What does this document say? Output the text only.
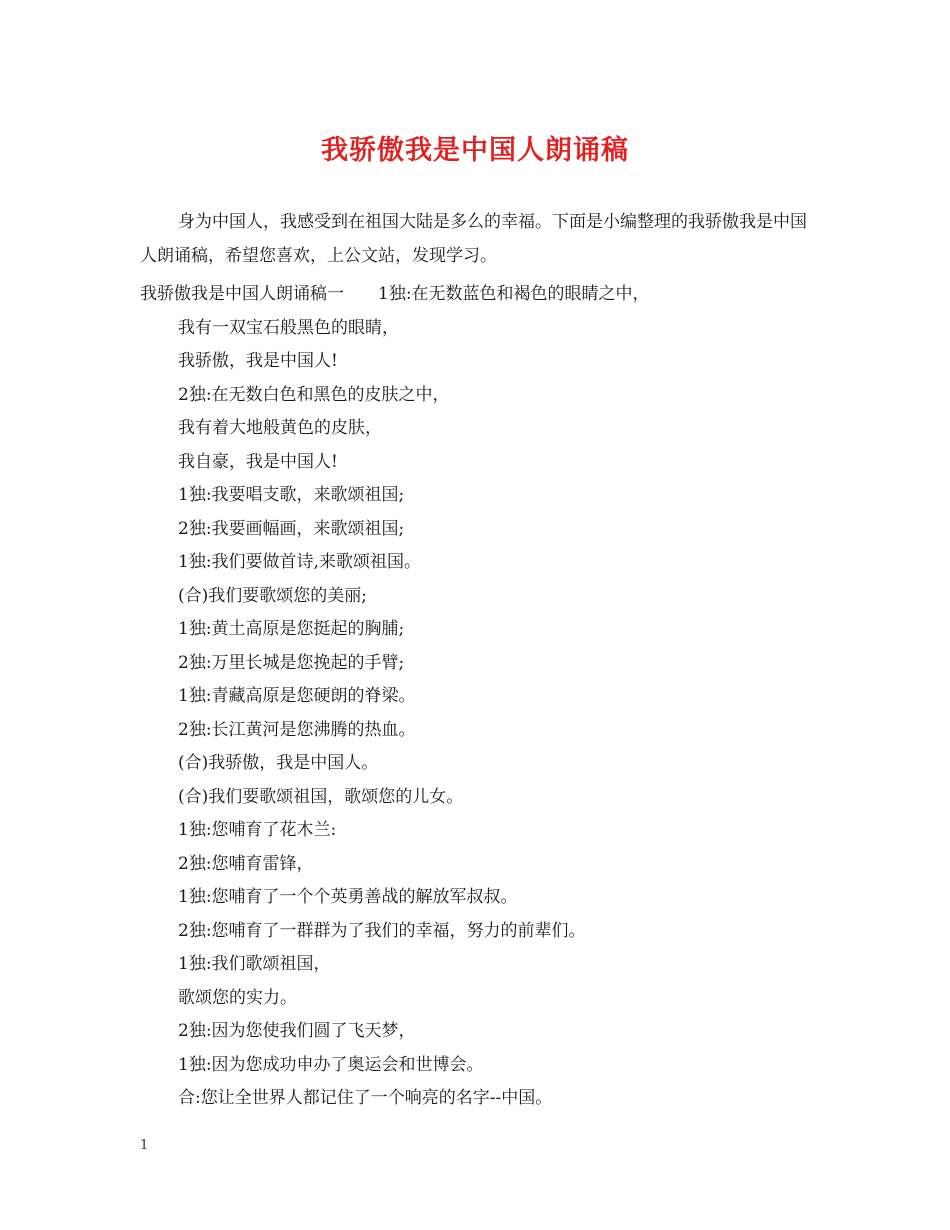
我骄傲我是中国人朗诵稿
身为中国人，我感受到在祖国大陆是多么的幸福。下面是小编整理的我骄傲我是中国人朗诵稿，希望您喜欢，上公文站，发现学习。
我骄傲我是中国人朗诵稿一 1独:在无数蓝色和褐色的眼睛之中，
我有一双宝石般黑色的眼睛，
我骄傲，我是中国人!
2独:在无数白色和黑色的皮肤之中，
我有着大地般黄色的皮肤，
我自豪，我是中国人!
1独:我要唱支歌，来歌颂祖国;
2独:我要画幅画，来歌颂祖国;
1独:我们要做首诗,来歌颂祖国。
(合)我们要歌颂您的美丽;
1独:黄土高原是您挺起的胸脯;
2独:万里长城是您挽起的手臂;
1独:青藏高原是您硬朗的脊梁。
2独:长江黄河是您沸腾的热血。
(合)我骄傲，我是中国人。
(合)我们要歌颂祖国，歌颂您的儿女。
1独:您哺育了花木兰:
2独:您哺育雷锋，
1独:您哺育了一个个英勇善战的解放军叔叔。
2独:您哺育了一群群为了我们的幸福，努力的前辈们。
1独:我们歌颂祖国，
歌颂您的实力。
2独:因为您使我们圆了飞天梦，
1独:因为您成功申办了奥运会和世博会。
合:您让全世界人都记住了一个响亮的名字--中国。
1
